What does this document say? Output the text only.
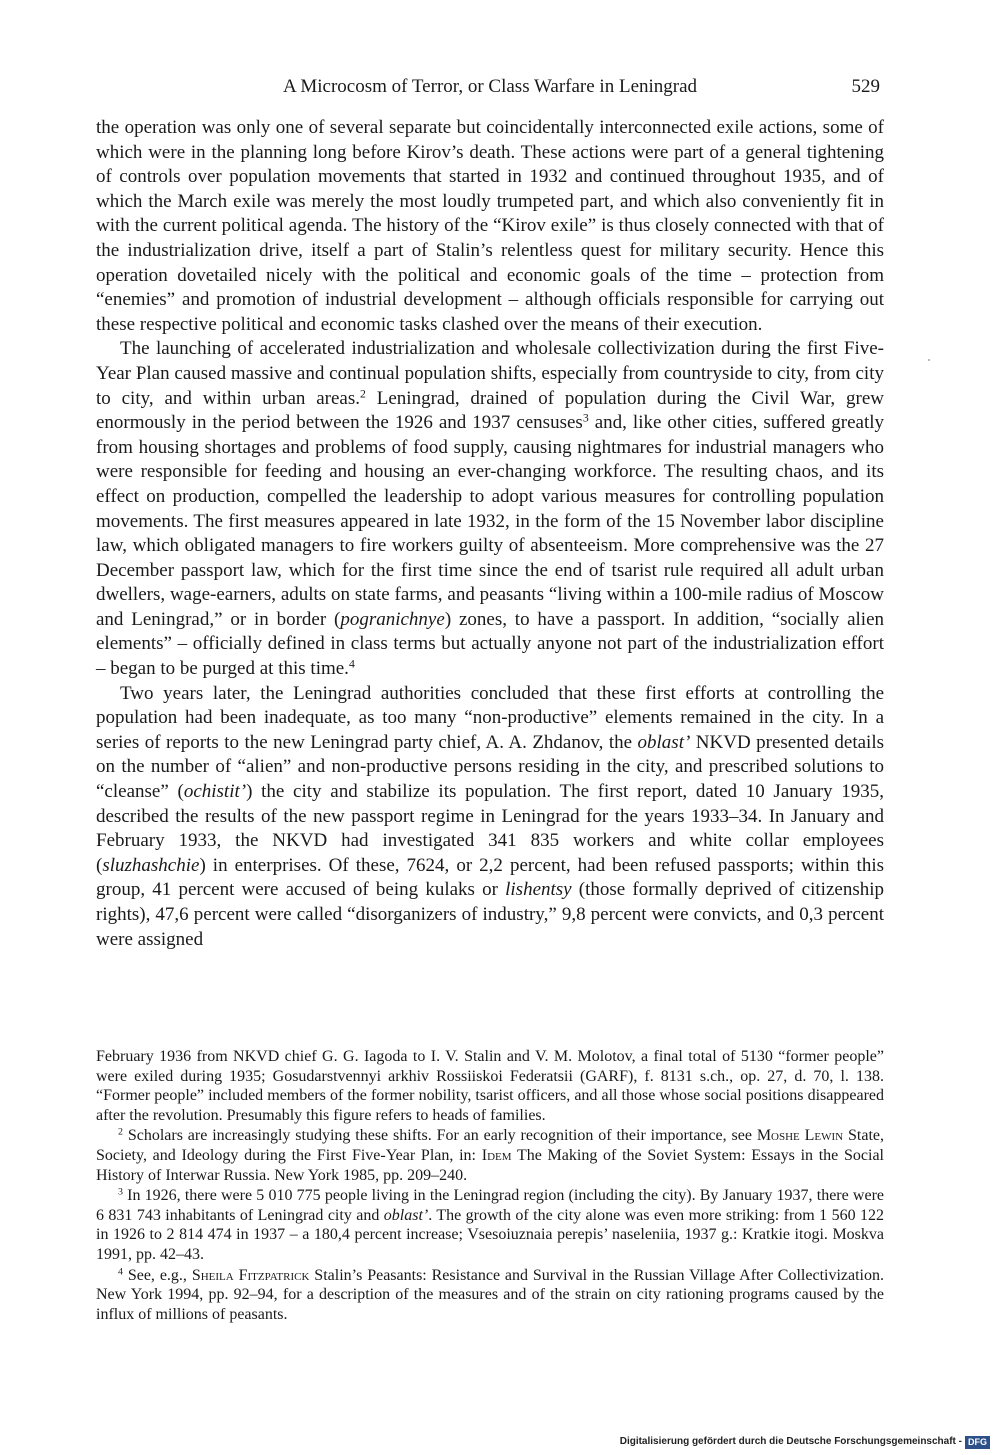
A Microcosm of Terror, or Class Warfare in Leningrad	529

the operation was only one of several separate but coincidentally interconnected exile actions, some of which were in the planning long before Kirov’s death. These actions were part of a general tightening of controls over population movements that started in 1932 and continued throughout 1935, and of which the March exile was merely the most loudly trumpeted part, and which also conveniently fit in with the current political agenda. The history of the “Kirov exile” is thus closely connected with that of the industrialization drive, itself a part of Stalin’s relentless quest for military security. Hence this operation dovetailed nicely with the political and economic goals of the time – protection from “enemies” and promotion of industrial development – although officials responsible for carrying out these respective political and economic tasks clashed over the means of their execution.

The launching of accelerated industrialization and wholesale collectivization during the first Five-Year Plan caused massive and continual population shifts, especially from countryside to city, from city to city, and within urban areas.$^2$ Leningrad, drained of population during the Civil War, grew enormously in the period between the 1926 and 1937 censuses$^3$ and, like other cities, suffered greatly from housing shortages and problems of food supply, causing nightmares for industrial managers who were responsible for feeding and housing an ever-changing workforce. The resulting chaos, and its effect on production, compelled the leadership to adopt various measures for controlling population movements. The first measures appeared in late 1932, in the form of the 15 November labor discipline law, which obligated managers to fire workers guilty of absenteeism. More comprehensive was the 27 December passport law, which for the first time since the end of tsarist rule required all adult urban dwellers, wage-earners, adults on state farms, and peasants “living within a 100-mile radius of Moscow and Leningrad,” or in border (pogranichnye) zones, to have a passport. In addition, “socially alien elements” – officially defined in class terms but actually anyone not part of the industrialization effort – began to be purged at this time.$^4$

Two years later, the Leningrad authorities concluded that these first efforts at controlling the population had been inadequate, as too many “non-productive” elements remained in the city. In a series of reports to the new Leningrad party chief, A. A. Zhdanov, the oblast’ NKVD presented details on the number of “alien” and non-productive persons residing in the city, and prescribed solutions to “cleanse” (ochistit’) the city and stabilize its population. The first report, dated 10 January 1935, described the results of the new passport regime in Leningrad for the years 1933–34. In January and February 1933, the NKVD had investigated 341 835 workers and white collar employees (sluzhashchie) in enterprises. Of these, 7624, or 2,2 percent, had been refused passports; within this group, 41 percent were accused of being kulaks or lishentsy (those formally deprived of citizenship rights), 47,6 percent were called “disorganizers of industry,” 9,8 percent were convicts, and 0,3 percent were assigned

February 1936 from NKVD chief G. G. Iagoda to I. V. Stalin and V. M. Molotov, a final total of 5130 “former people” were exiled during 1935; Gosudarstvennyi arkhiv Rossiiskoi Federatsii (GARF), f. 8131 s.ch., op. 27, d. 70, l. 138. “Former people” included members of the former nobility, tsarist officers, and all those whose social positions disappeared after the revolution. Presumably this figure refers to heads of families.

$^2$ Scholars are increasingly studying these shifts. For an early recognition of their importance, see Moshe Lewin State, Society, and Ideology during the First Five-Year Plan, in: Idem The Making of the Soviet System: Essays in the Social History of Interwar Russia. New York 1985, pp. 209–240.

$^3$ In 1926, there were 5 010 775 people living in the Leningrad region (including the city). By January 1937, there were 6 831 743 inhabitants of Leningrad city and oblast’. The growth of the city alone was even more striking: from 1 560 122 in 1926 to 2 814 474 in 1937 – a 180,4 percent increase; Vsesoiuznaia perepis’ naseleniia, 1937 g.: Kratkie itogi. Moskva 1991, pp. 42–43.

$^4$ See, e.g., Sheila Fitzpatrick Stalin’s Peasants: Resistance and Survival in the Russian Village After Collectivization. New York 1994, pp. 92–94, for a description of the measures and of the strain on city rationing programs caused by the influx of millions of peasants.

Digitalisierung gefördert durch die Deutsche Forschungsgemeinschaft - DFG
